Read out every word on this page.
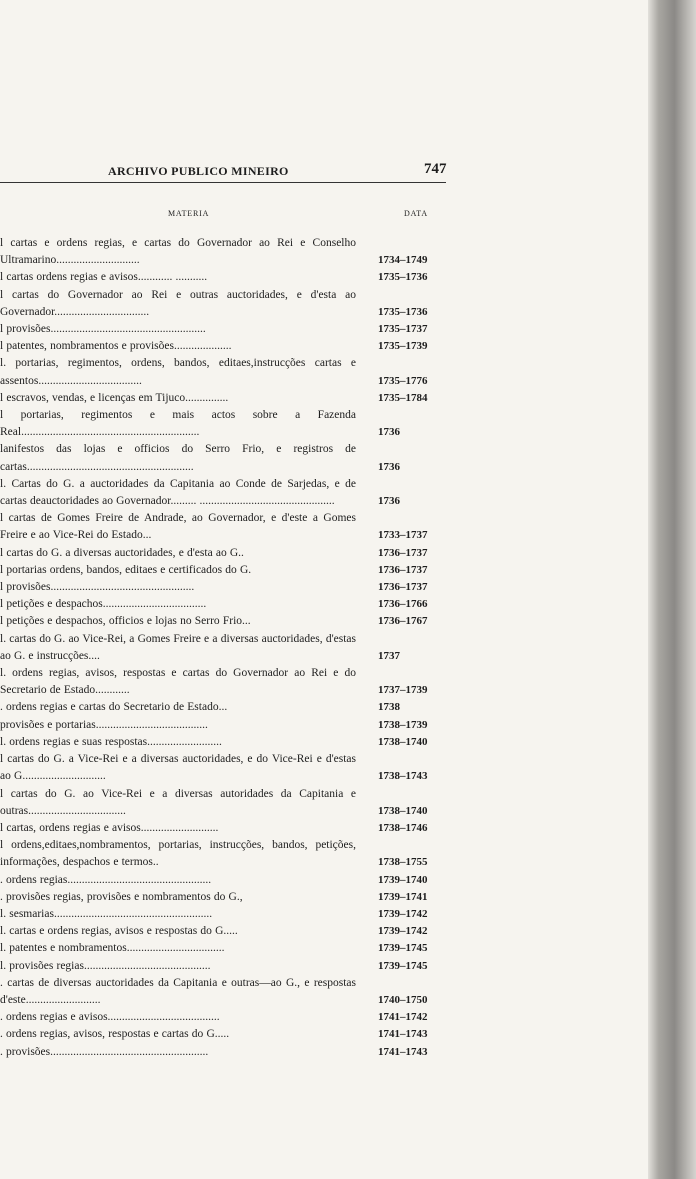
ARCHIVO PUBLICO MINEIRO	747
MATERIA	DATA
l cartas e ordens regias, e cartas do Governador ao Rei e Conselho Ultramarino.............................	1734–1749
l cartas ordens regias e avisos............ ...........	1735–1736
l cartas do Governador ao Rei e outras auctoridades, e d'esta ao Governador.................................	1735–1736
l provisões......................................................	1735–1737
l patentes, nombramentos e provisões....................	1735–1739
l. portarias, regimentos, ordens, bandos, editaes,instrucções cartas e assentos....................................	1735–1776
l escravos, vendas, e licenças em Tijuco...............	1735–1784
l portarias, regimentos e mais actos sobre a Fazenda Real..............................................................	1736
lanifestos das lojas e officios do Serro Frio, e registros de cartas..........................................................	1736
l. Cartas do G. a auctoridades da Capitania ao Conde de Sarjedas, e de cartas deauctoridades ao Governador......... ...............................................	1736
l cartas de Gomes Freire de Andrade, ao Governador, e d'este a Gomes Freire e ao Vice-Rei do Estado...	1733–1737
l cartas do G. a diversas auctoridades, e d'esta ao G..	1736–1737
l portarias ordens, bandos, editaes e certificados do G.	1736–1737
l provisões..................................................	1736–1737
l petições e despachos....................................	1736–1766
l petições e despachos, officios e lojas no Serro Frio...	1736–1767
l. cartas do G. ao Vice-Rei, a Gomes Freire e a diversas auctoridades, d'estas ao G. e instrucções....	1737
l. ordens regias, avisos, respostas e cartas do Governador ao Rei e do Secretario de Estado............	1737–1739
. ordens regias e cartas do Secretario de Estado...	1738
provisões e portarias.......................................	1738–1739
l. ordens regias e suas respostas..........................	1738–1740
l cartas do G. a Vice-Rei e a diversas auctoridades, e do Vice-Rei e d'estas ao G.............................	1738–1743
l cartas do G. ao Vice-Rei e a diversas autoridades da Capitania e outras..................................	1738–1740
l cartas, ordens regias e avisos...........................	1738–1746
l ordens,editaes,nombramentos, portarias, instrucções, bandos, petições, informações, despachos e termos..	1738–1755
. ordens regias..................................................	1739–1740
. provisões regias, provisões e nombramentos do G.,	1739–1741
l. sesmarias.......................................................	1739–1742
l. cartas e ordens regias, avisos e respostas do G.....	1739–1742
l. patentes e nombramentos..................................	1739–1745
l. provisões regias............................................	1739–1745
. cartas de diversas auctoridades da Capitania e outras—ao G., e respostas d'este..........................	1740–1750
. ordens regias e avisos.......................................	1741–1742
. ordens regias, avisos, respostas e cartas do G.....	1741–1743
. provisões.......................................................	1741–1743
